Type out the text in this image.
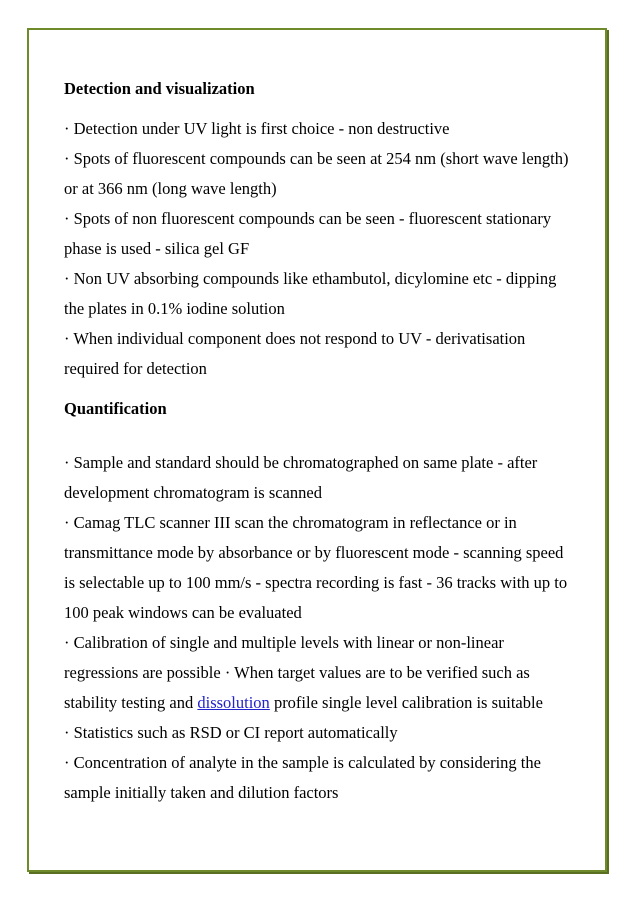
Detection and visualization

· Detection under UV light is first choice - non destructive

· Spots of fluorescent compounds can be seen at 254 nm (short wave length)

or at 366 nm (long wave length)

· Spots of non fluorescent compounds can be seen - fluorescent stationary

phase is used - silica gel GF

· Non UV absorbing compounds like ethambutol, dicylomine etc - dipping

the plates in 0.1% iodine solution

· When individual component does not respond to UV - derivatisation

required for detection

Quantification

· Sample and standard should be chromatographed on same plate - after

development chromatogram is scanned

· Camag TLC scanner III scan the chromatogram in reflectance or in

transmittance mode by absorbance or by fluorescent mode - scanning speed

is selectable up to 100 mm/s - spectra recording is fast - 36 tracks with up to

100 peak windows can be evaluated

· Calibration of single and multiple levels with linear or non-linear

regressions are possible · When target values are to be verified such as

stability testing and dissolution profile single level calibration is suitable

· Statistics such as RSD or CI report automatically

· Concentration of analyte in the sample is calculated by considering the

sample initially taken and dilution factors
